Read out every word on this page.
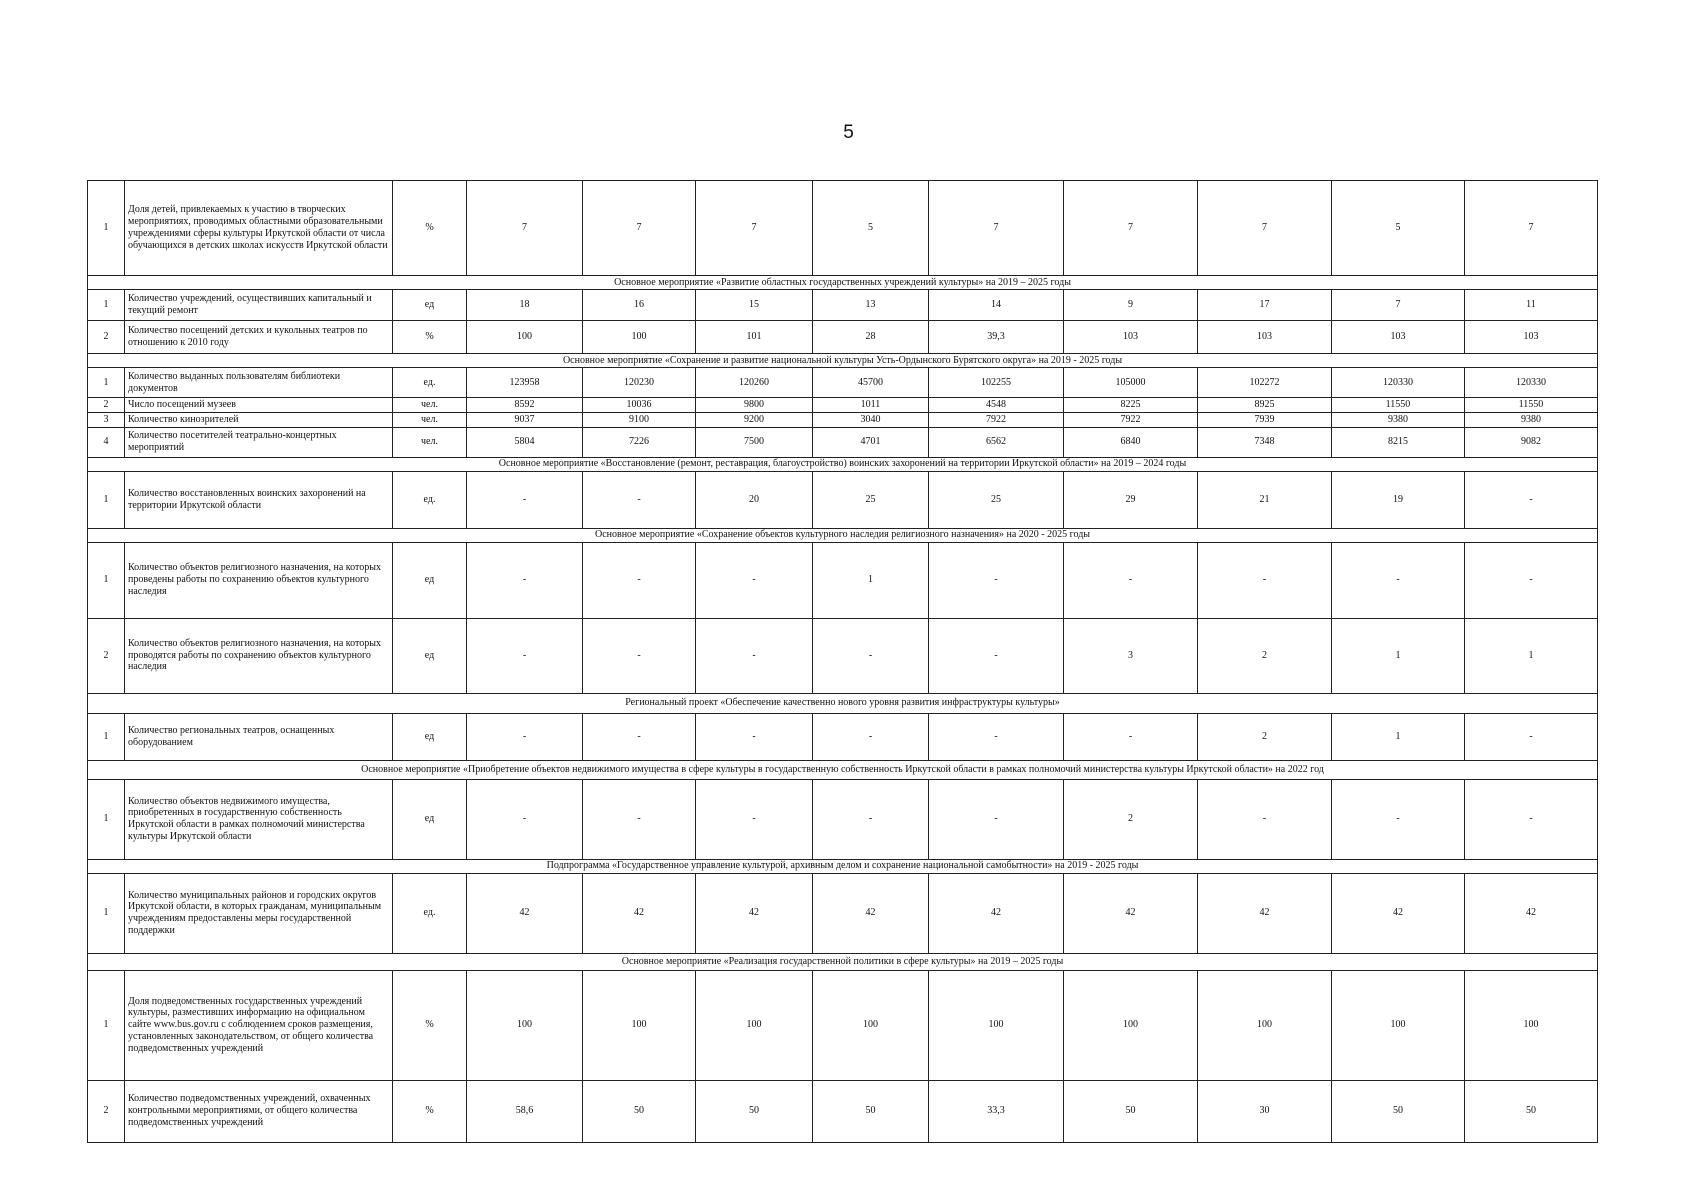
5
1	Доля детей, привлекаемых к участию в творческих мероприятиях, проводимых областными образовательными учреждениями сферы культуры Иркутской области от числа обучающихся в детских школах искусств Иркутской области	%	7	7	7	5	7	7	7	5	7
Основное мероприятие «Развитие областных государственных учреждений культуры» на 2019 – 2025 годы											
1	Количество учреждений, осуществивших капитальный и текущий ремонт	ед	18	16	15	13	14	9	17	7	11
2	Количество посещений детских и кукольных театров по отношению к 2010 году	%	100	100	101	28	39,3	103	103	103	103
Основное мероприятие «Сохранение и развитие национальной культуры Усть-Ордынского Бурятского округа» на 2019 - 2025 годы											
1	Количество выданных пользователям библиотеки документов	ед.	123958	120230	120260	45700	102255	105000	102272	120330	120330
2	Число посещений музеев	чел.	8592	10036	9800	1011	4548	8225	8925	11550	11550
3	Количество кинозрителей	чел.	9037	9100	9200	3040	7922	7922	7939	9380	9380
4	Количество посетителей театрально-концертных мероприятий	чел.	5804	7226	7500	4701	6562	6840	7348	8215	9082
Основное мероприятие «Восстановление (ремонт, реставрация, благоустройство) воинских захоронений на территории Иркутской области» на 2019 – 2024 годы											
1	Количество восстановленных воинских захоронений на территории Иркутской области	ед.	-	-	20	25	25	29	21	19	-
Основное мероприятие «Сохранение объектов культурного наследия религиозного назначения» на 2020 - 2025 годы											
1	Количество объектов религиозного назначения, на которых проведены работы по сохранению объектов культурного наследия	ед	-	-	-	1	-	-	-	-	-
2	Количество объектов религиозного назначения, на которых проводятся работы по сохранению объектов культурного наследия	ед	-	-	-	-	-	3	2	1	1
Региональный проект «Обеспечение качественно нового уровня развития инфраструктуры культуры»											
1	Количество региональных театров, оснащенных оборудованием	ед	-	-	-	-	-	-	2	1	-
Основное мероприятие «Приобретение объектов недвижимого имущества в сфере культуры в государственную собственность Иркутской области в рамках полномочий министерства культуры Иркутской области» на 2022 год											
1	Количество объектов недвижимого имущества, приобретенных в государственную собственность Иркутской области в рамках полномочий министерства культуры Иркутской области	ед	-	-	-	-	-	2	-	-	-
Подпрограмма «Государственное управление культурой, архивным делом и сохранение национальной самобытности» на 2019 - 2025 годы											
1	Количество муниципальных районов и городских округов Иркутской области, в которых гражданам, муниципальным учреждениям предоставлены меры государственной поддержки	ед.	42	42	42	42	42	42	42	42	42
Основное мероприятие «Реализация государственной политики в сфере культуры» на 2019 – 2025 годы											
1	Доля подведомственных государственных учреждений культуры, разместивших информацию на официальном сайте www.bus.gov.ru с соблюдением сроков размещения, установленных законодательством, от общего количества подведомственных учреждений	%	100	100	100	100	100	100	100	100	100
2	Количество подведомственных учреждений, охваченных контрольными мероприятиями, от общего количества подведомственных учреждений	%	58,6	50	50	50	33,3	50	30	50	50
